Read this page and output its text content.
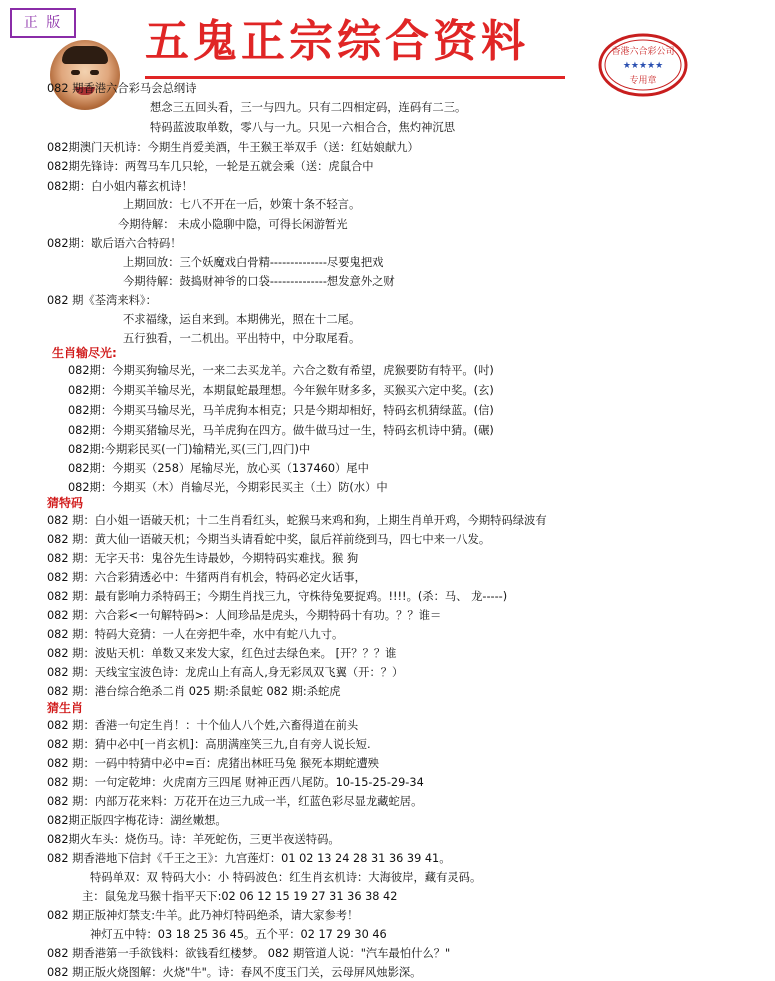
正 版	五鬼正宗综合资料	香港六合彩公司
★★★★★
专用章
082 期香港六合彩马会总纲诗
想念三五回头看，三一与四九。只有二四相定码，连码有二三。
特码蓝波取单数，零八与一九。只见一六相合合，焦灼神沉思
082期澳门天机诗：今期生肖爱美酒，牛王猴王举双手（送：红姑娘献九）
082期先锋诗：两驾马车几只轮，一轮是五就会乘（送：虎鼠合中
082期：白小姐内幕玄机诗！
上期回放：七八不开在一后，妙策十条不轻言。
今期待解： 未成小隐聊中隐，可得长闲游暂光
082期：歇后语六合特码！
上期回放：三个妖魔戏白骨精--------------尽要鬼把戏
今期待解：鼓捣财神爷的口袋--------------想发意外之财
082 期《荃湾来料》：
不求福缘，运自来到。本期佛光，照在十二尾。
五行独看，一二机出。平出特中，中分取尾看。
生肖输尽光:
082期：今期买狗输尽光，一来二去买龙羊。六合之数有希望，虎猴要防有特平。(吋)
082期：今期买羊输尽光，本期鼠蛇最理想。今年猴年财多多，买猴买六定中奖。(玄)
082期：今期买马输尽光，马羊虎狗本相克；只是今期却相好，特码玄机猜绿蓝。(信)
082期：今期买猪输尽光，马羊虎狗在四方。做牛做马过一生，特码玄机诗中猜。(碾)
082期:今期彩民买(一门)输精光,买(三门,四门)中
082期：今期买（258）尾输尽光，放心买（137460）尾中
082期：今期买（木）肖输尽光，今期彩民买主（土）防(水）中
猜特码
082 期：白小姐一语破天机；十二生肖看红头，蛇猴马来鸡和狗，上期生肖单开鸡，今期特码绿波有
082 期：黄大仙一语破天机；今期当头请看蛇中奖，鼠后祥前绕到马，四七中来一八发。
082 期：无字天书：鬼谷先生诗最妙，今期特码实难找。猴 狗
082 期：六合彩猜透必中：牛猪两肖有机会，特码必定火话事，
082 期：最有影响力杀特码王；今期生肖找三九，守株待兔要捉鸡。!!!!。(杀：马、 龙-----)
082 期：六合彩<一句解特码>：人间珍品是虎头，今期特码十有功。？？谁＝
082 期：特码大竞猜：一人在旁把牛牵，水中有蛇八九寸。
082 期：波贴天机：单数又来发大家，红色过去绿色来。 [开？？？谁
082 期：天线宝宝波色诗：龙虎山上有高人,身无彩凤双飞翼（开：？）
082 期：港台综合绝杀二肖 025 期:杀鼠蛇 082 期:杀蛇虎
猜生肖
082 期：香港一句定生肖！：十个仙人八个姓,六畜得道在前头
082 期：猜中必中[一肖玄机]：高朋满座笑三九,自有旁人说长短.
082 期：一码中特猜中必中=百：虎猪出林旺马兔 猴死本期蛇遭殃
082 期：一句定乾坤：火虎南方三四尾 财神正西八尾防。10-15-25-29-34
082 期：内部万花来料：万花开在边三九成一半，红蓝色彩尽显龙藏蛇居。
082期正版四字梅花诗：湖丝嫩想。
082期火车头：烧伤马。诗：羊死蛇伤，三更半夜送特码。
082 期香港地下信封《千王之王》：九宫莲灯：01 02 13 24 28 31 36 39 41。
特码单双：双 特码大小：小 特码波色：红生肖玄机诗：大海彼岸，藏有灵码。
主：鼠兔龙马猴十指平天下:02 06 12 15 19 27 31 36 38 42
082 期正版神灯禁支:牛羊。此乃神灯特码绝杀，请大家参考！
神灯五中特：03 18 25 36 45。五个平：02 17 29 30 46
082 期香港第一手欲钱料：欲钱看红楼梦。 082 期管道人说："汽车最怕什么？"
082 期正版火烧图解：火烧"牛"。诗：春风不度玉门关，云母屏风烛影深。
